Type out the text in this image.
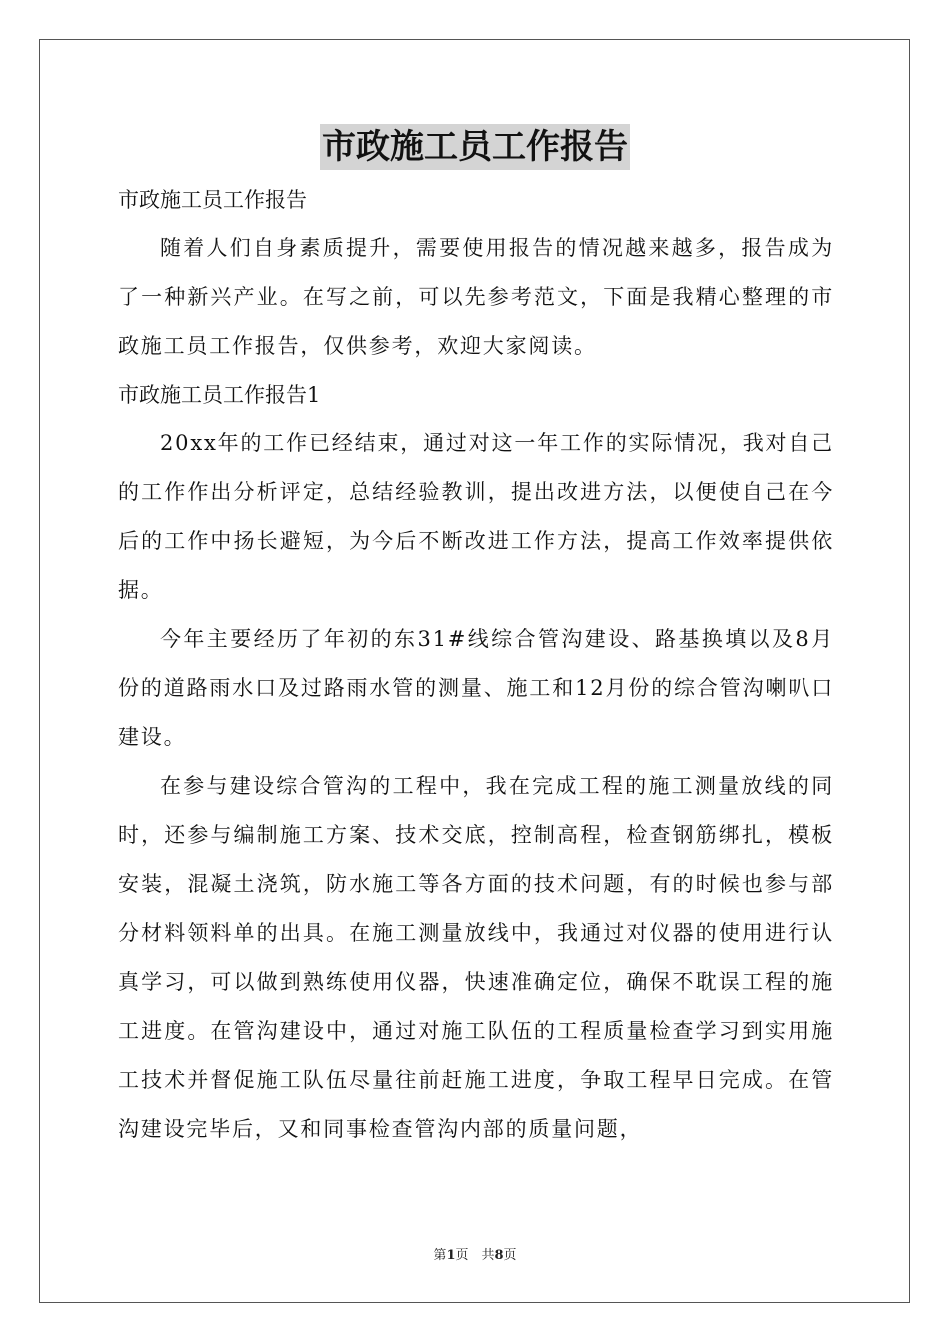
市政施工员工作报告

市政施工员工作报告

随着人们自身素质提升，需要使用报告的情况越来越多，报告成为了一种新兴产业。在写之前，可以先参考范文，下面是我精心整理的市政施工员工作报告，仅供参考，欢迎大家阅读。

市政施工员工作报告1

20xx年的工作已经结束，通过对这一年工作的实际情况，我对自己的工作作出分析评定，总结经验教训，提出改进方法，以便使自己在今后的工作中扬长避短，为今后不断改进工作方法，提高工作效率提供依据。

今年主要经历了年初的东31#线综合管沟建设、路基换填以及8月份的道路雨水口及过路雨水管的测量、施工和12月份的综合管沟喇叭口建设。

在参与建设综合管沟的工程中，我在完成工程的施工测量放线的同时，还参与编制施工方案、技术交底，控制高程，检查钢筋绑扎，模板安装，混凝土浇筑，防水施工等各方面的技术问题，有的时候也参与部分材料领料单的出具。在施工测量放线中，我通过对仪器的使用进行认真学习，可以做到熟练使用仪器，快速准确定位，确保不耽误工程的施工进度。在管沟建设中，通过对施工队伍的工程质量检查学习到实用施工技术并督促施工队伍尽量往前赶施工进度，争取工程早日完成。在管沟建设完毕后，又和同事检查管沟内部的质量问题，

第1页　共8页
